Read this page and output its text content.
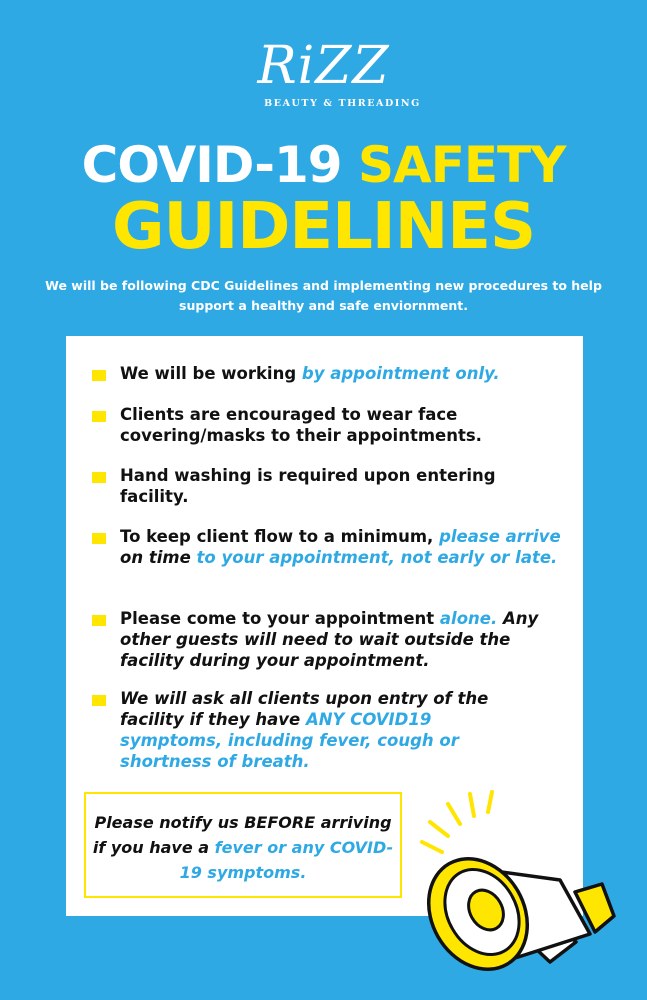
RiZZ
BEAUTY & THREADING
COVID-19 SAFETY
GUIDELINES
We will be following CDC Guidelines and implementing new procedures to help support a healthy and safe enviornment.
We will be working by appointment only.
Clients are encouraged to wear face covering/masks to their appointments.
Hand washing is required upon entering facility.
To keep client flow to a minimum, please arrive on time to your appointment, not early or late.
Please come to your appointment alone. Any other guests will need to wait outside the facility during your appointment.
We will ask all clients upon entry of the facility if they have ANY COVID19 symptoms, including fever, cough or shortness of breath.
Please notify us BEFORE arriving if you have a fever or any COVID-19 symptoms.
